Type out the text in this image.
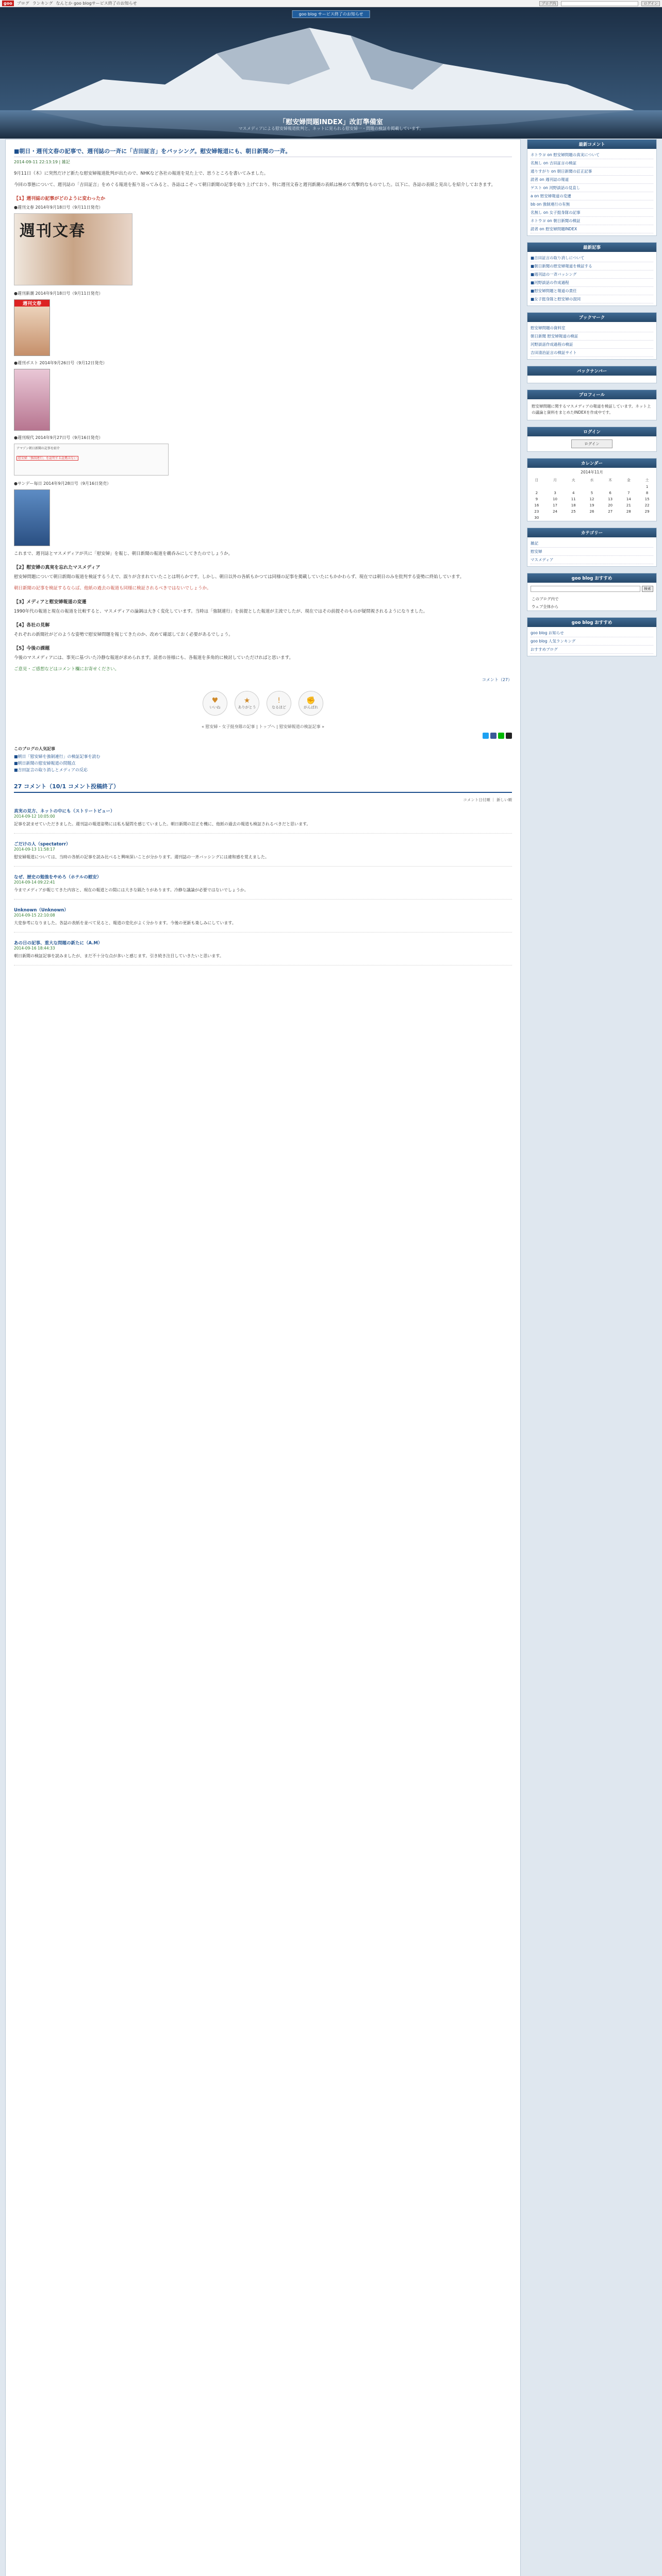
goo	ブログ ランキング なんとか goo blogサービス終了のお知らせ	ブログ内	ログイン
goo blog サービス終了のお知らせ
「慰安婦問題INDEX」改訂準備室
マスメディアによる慰安婦報道批判と、ネットに見られる慰安婦一・問題の検証を掲載しています。
■朝日・週刊文春の記事で、週刊誌の一斉に「吉田証言」をバッシング。慰安婦報道にも、朝日新聞の一斉。
2014-09-11 22:13:19 | 雑記

9月11日（木）に突然だけど新たな慰安婦報道批判が出たので、NHKなど各社の報道を見た上で、思うところを書いてみました。

今回の事態について、週刊誌の「吉田証言」をめぐる報道を振り返ってみると、各誌はこぞって朝日新聞の記事を取り上げており、特に週刊文春と週刊新潮の表紙は極めて攻撃的なものでした。以下に、各誌の表紙と見出しを紹介しておきます。

【1】週刊誌の記事がどのように変わったか
●週刊文春 2014年9月18日号（9月11日発売）
週刊文春
●週刊新潮 2014年9月18日号（9月11日発売）
週刊文春
●週刊ポスト 2014年9月26日号（9月12日発売）
●週刊現代 2014年9月27日号（9月16日発売）
アマゾン朝日新聞の記事を紹介
慰安婦「強制連行」を証明する証拠はない
●サンデー毎日 2014年9月28日号（9月16日発売）

これまで、週刊誌とマスメディアが共に「慰安婦」を報じ、朝日新聞の報道を鵜呑みにしてきたのでしょうか。

【2】慰安婦の真実を忘れたマスメディア

慰安婦問題について朝日新聞の報道を検証するうえで、誤りが含まれていたことは明らかです。しかし、朝日以外の各紙もかつては同様の記事を掲載していたにもかかわらず、現在では朝日のみを批判する姿勢に終始しています。

朝日新聞の記事を検証するならば、他紙の過去の報道も同様に検証されるべきではないでしょうか。

【3】メディアと慰安婦報道の変遷

1990年代の報道と現在の報道を比較すると、マスメディアの論調は大きく変化しています。当時は「強制連行」を前提とした報道が主流でしたが、現在ではその前提そのものが疑問視されるようになりました。

【4】各社の見解

それぞれの新聞社がどのような姿勢で慰安婦問題を報じてきたのか、改めて確認しておく必要があるでしょう。

【5】今後の課題

今後のマスメディアには、事実に基づいた冷静な報道が求められます。読者の皆様にも、各報道を多角的に検討していただければと思います。

ご意見・ご感想などはコメント欄にお寄せください。

コメント（27）
♥
いいね
★
ありがとう
!
なるほど
✊
がんばれ
« 慰安婦・女子挺身隊の記事 | トップへ | 慰安婦報道の検証記事 »
このブログの人気記事
■朝日「慰安婦を強制連行」の検証記事を読む
■朝日新聞の慰安婦報道の問題点
■吉田証言の取り消しとメディアの反応
27 コメント（10/1 コメント投稿終了）
コメント日付順 ｜ 新しい順
真実の見方、ネットの中にも（ストリートビュー）
2014-09-12 10:05:00

記事を読ませていただきました。週刊誌の報道姿勢には私も疑問を感じていました。朝日新聞の訂正を機に、他紙の過去の報道も検証されるべきだと思います。

ごだけの人（spectatorr）
2014-09-13 11:58:17

慰安婦報道については、当時の各紙の記事を読み比べると興味深いことが分かります。週刊誌の一斉バッシングには違和感を覚えました。

なぜ、歴史の勉強をやめろ（ホテルの慰安）
2014-09-14 09:22:41

今までメディアが報じてきた内容と、現在の報道との間には大きな隔たりがあります。冷静な議論が必要ではないでしょうか。

Unknown（Unknown）
2014-09-15 22:10:08

大変参考になりました。各誌の表紙を並べて見ると、報道の変化がよく分かります。今後の更新も楽しみにしています。

あの日の記事、重大な問題の新たに（A.M）
2014-09-16 18:44:33

朝日新聞の検証記事を読みましたが、まだ不十分な点が多いと感じます。引き続き注目していきたいと思います。

最新コメント
ネトウヨ on 慰安婦問題の真実について
名無し on 吉田証言の検証
通りすがり on 朝日新聞の訂正記事
読者 on 週刊誌の報道
ゲスト on 河野談話の見直し
a on 慰安婦報道の変遷
bb on 強制連行の有無
名無し on 女子挺身隊の記事
ネトウヨ on 朝日新聞の検証
読者 on 慰安婦問題INDEX
最新記事
■吉田証言の取り消しについて
■朝日新聞の慰安婦報道を検証する
■週刊誌の一斉バッシング
■河野談話の作成過程
■慰安婦問題と報道の責任
■女子挺身隊と慰安婦の混同
ブックマーク
慰安婦問題の資料室
朝日新聞 慰安婦報道の検証
河野談話作成過程の検証
吉田清治証言の検証サイト
バックナンバー
プロフィール
慰安婦問題に関するマスメディアの報道を検証しています。ネット上の議論と資料をまとめたINDEXを作成中です。
ログイン
ログイン
カレンダー
2014年11月
日	月	火	水	木	金	土
						1
2	3	4	5	6	7	8
9	10	11	12	13	14	15
16	17	18	19	20	21	22
23	24	25	26	27	28	29
30						
カテゴリー
雑記
慰安婦
マスメディア
goo blog おすすめ
検索
このブログ内で
ウェブ全体から
goo blog おすすめ
goo blog お知らせ
goo blog 人気ランキング
おすすめブログ
